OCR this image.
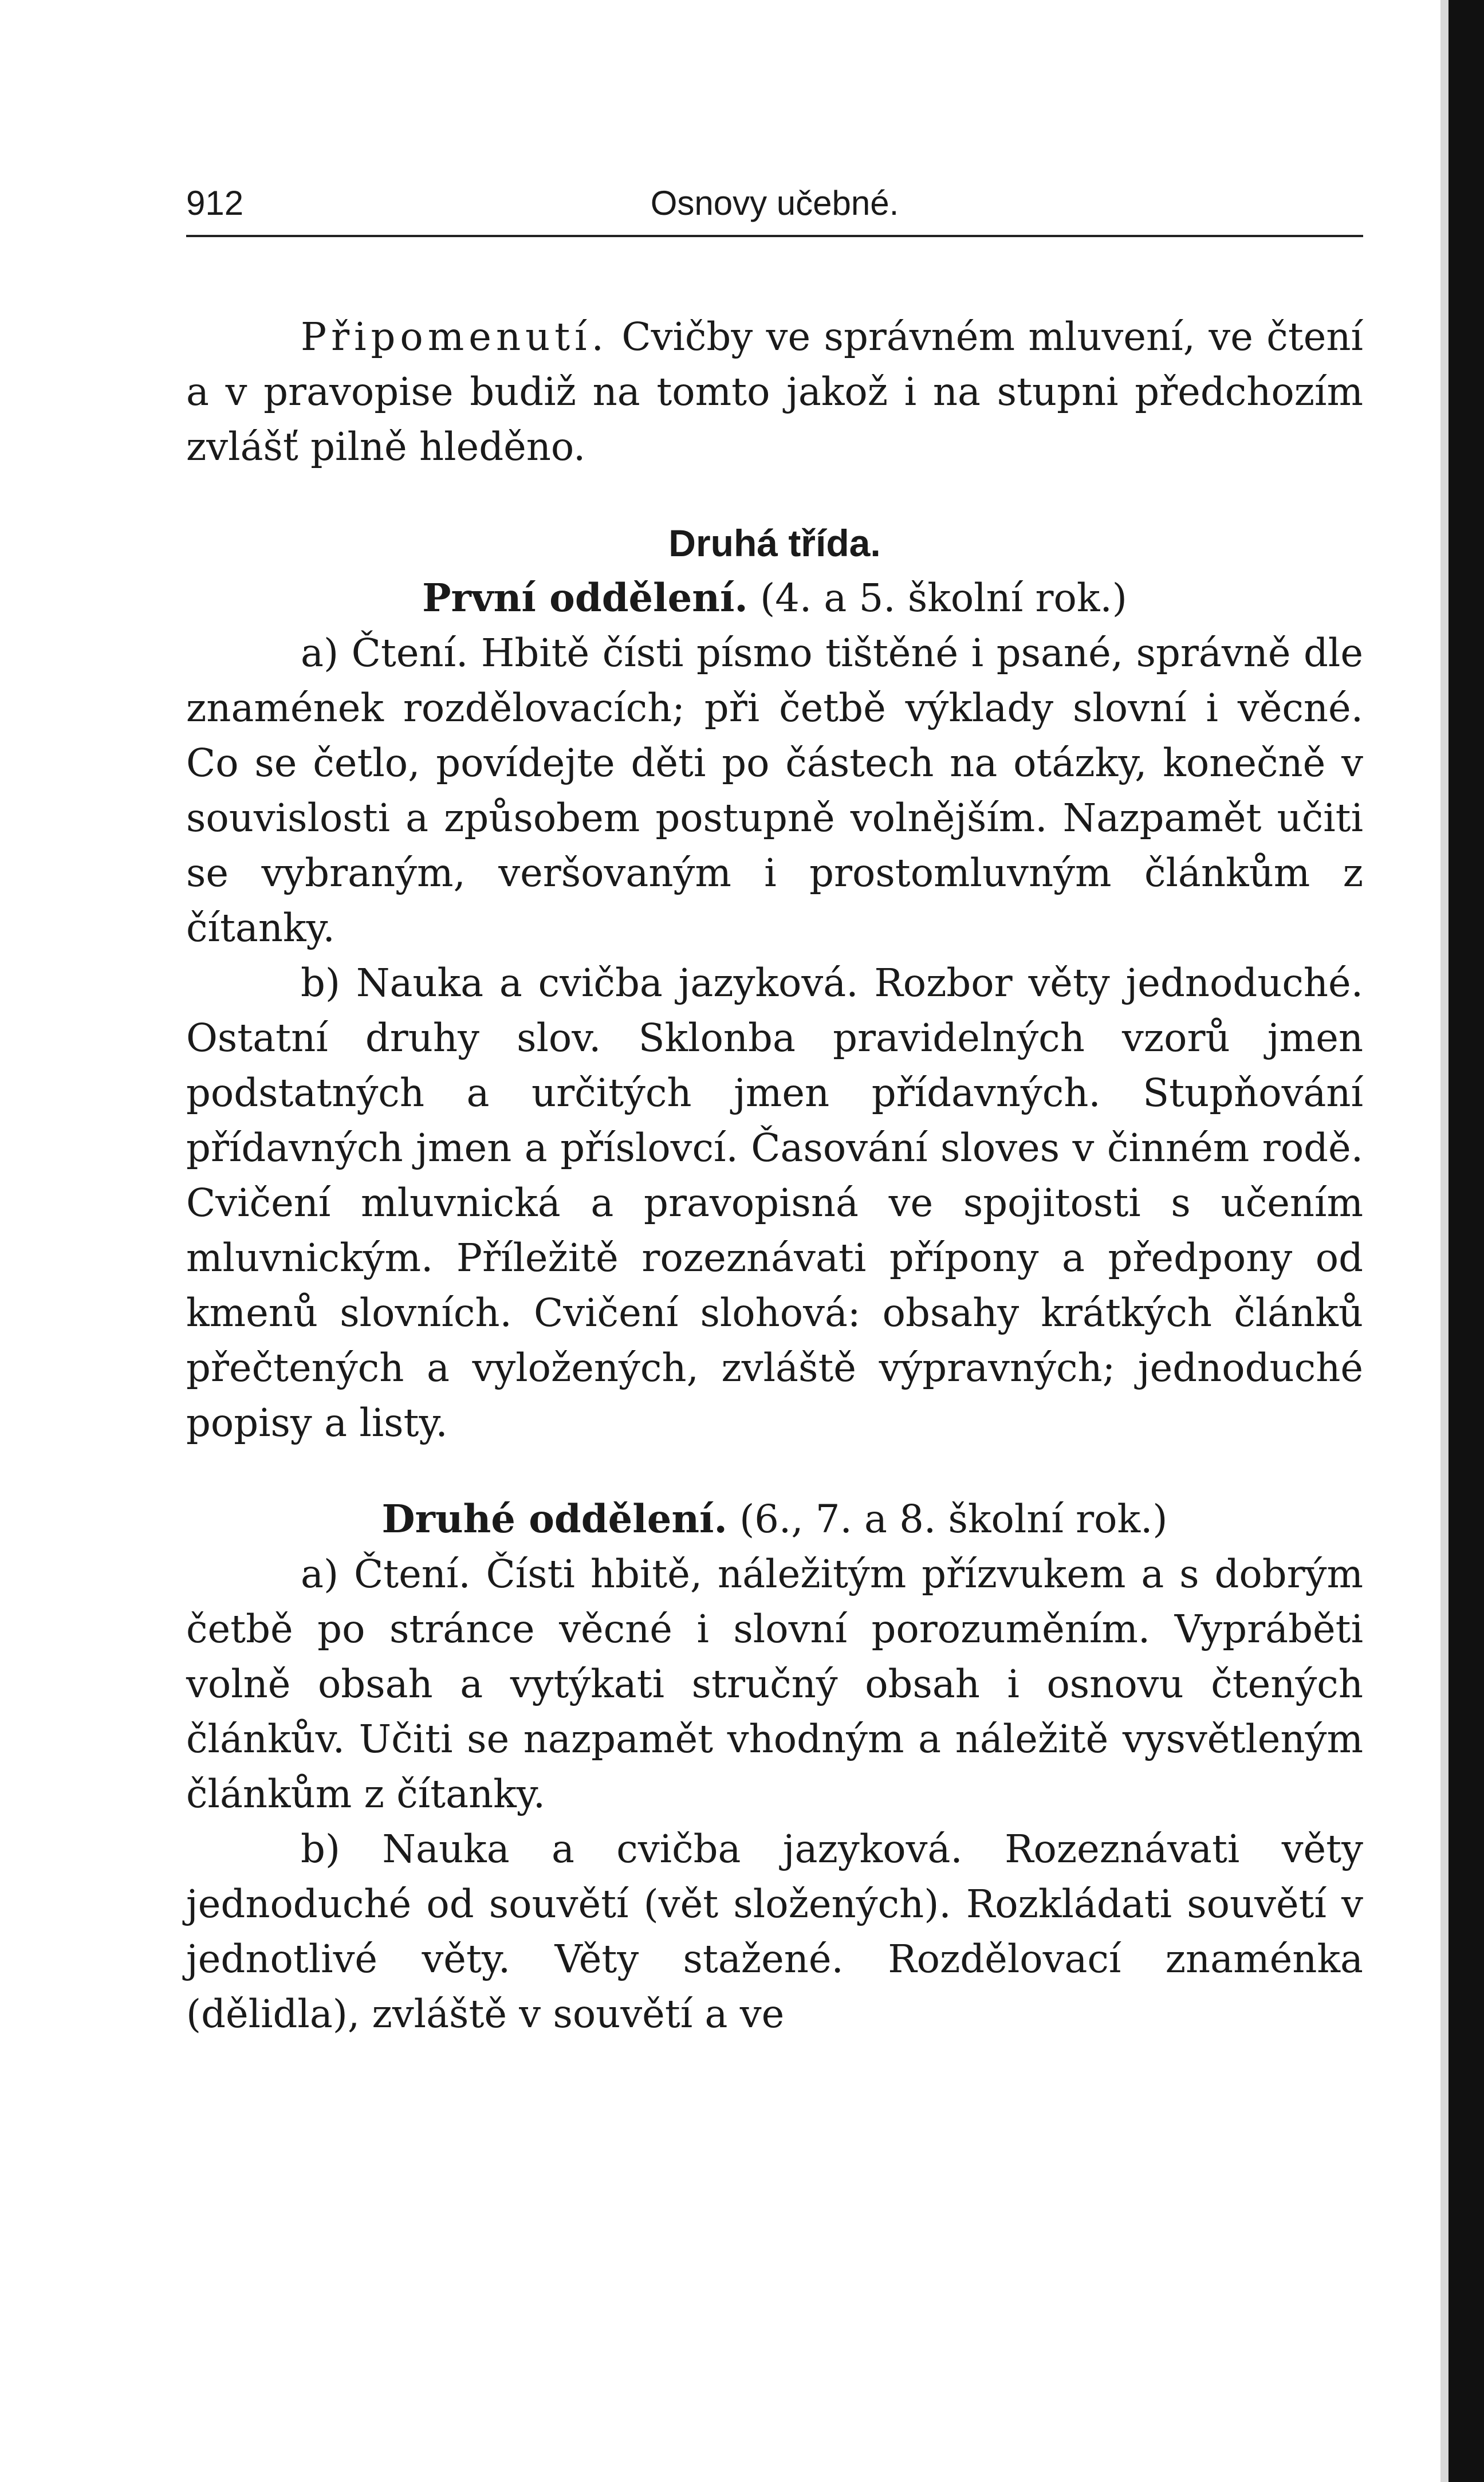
912	Osnovy učebné.

Připomenutí. Cvičby ve správném mluvení, ve čtení a v pravopise budiž na tomto jakož i na stupni předchozím zvlášť pilně hleděno.

Druhá třída.

První oddělení. (4. a 5. školní rok.)

a) Čtení. Hbitě čísti písmo tištěné i psané, správně dle znamének rozdělovacích; při četbě výklady slovní i věcné. Co se četlo, povídejte děti po částech na otázky, konečně v souvislosti a způsobem postupně volnějším. Nazpamět učiti se vybraným, veršovaným i prostomluvným článkům z čítanky.

b) Nauka a cvičba jazyková. Rozbor věty jednoduché. Ostatní druhy slov. Sklonba pravidelných vzorů jmen podstatných a určitých jmen přídavných. Stupňování přídavných jmen a příslovcí. Časování sloves v činném rodě. Cvičení mluvnická a pravopisná ve spojitosti s učením mluvnickým. Příležitě rozeznávati přípony a předpony od kmenů slovních. Cvičení slohová: obsahy krátkých článků přečtených a vyložených, zvláště výpravných; jednoduché popisy a listy.

Druhé oddělení. (6., 7. a 8. školní rok.)

a) Čtení. Čísti hbitě, náležitým přízvukem a s dobrým četbě po stránce věcné i slovní porozuměním. Vypráběti volně obsah a vytýkati stručný obsah i osnovu čtených článkův. Učiti se nazpamět vhodným a náležitě vysvětleným článkům z čítanky.

b) Nauka a cvičba jazyková. Rozeznávati věty jednoduché od souvětí (vět složených). Rozkládati souvětí v jednotlivé věty. Věty stažené. Rozdělovací znaménka (dělidla), zvláště v souvětí a ve
